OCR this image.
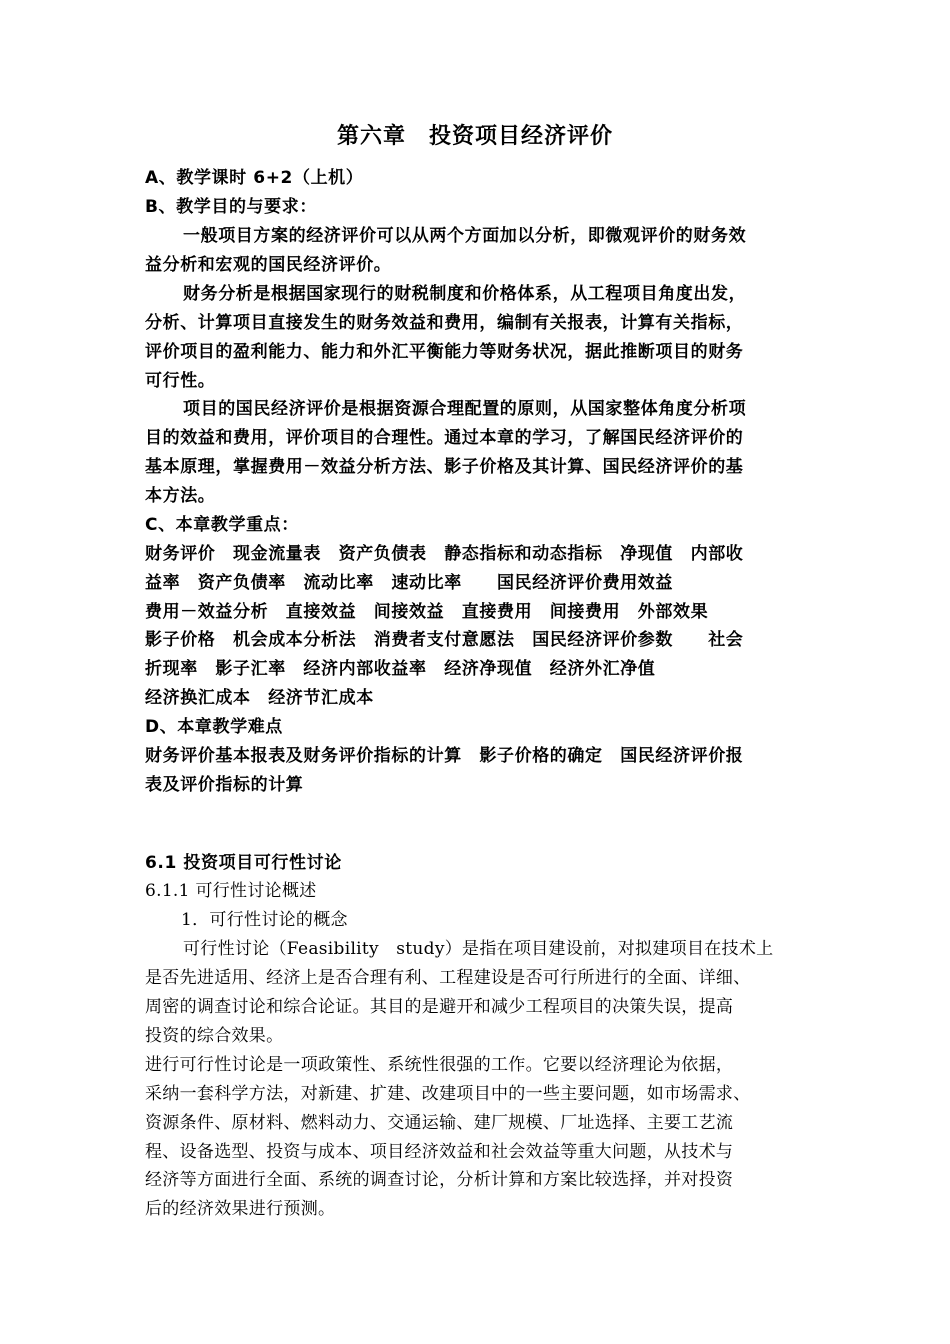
第六章　投资项目经济评价
A、教学课时 6+2（上机）
B、教学目的与要求：
一般项目方案的经济评价可以从两个方面加以分析，即微观评价的财务效
益分析和宏观的国民经济评价。
财务分析是根据国家现行的财税制度和价格体系，从工程项目角度出发，
分析、计算项目直接发生的财务效益和费用，编制有关报表，计算有关指标，
评价项目的盈利能力、能力和外汇平衡能力等财务状况，据此推断项目的财务
可行性。
项目的国民经济评价是根据资源合理配置的原则，从国家整体角度分析项
目的效益和费用，评价项目的合理性。通过本章的学习，了解国民经济评价的
基本原理，掌握费用－效益分析方法、影子价格及其计算、国民经济评价的基
本方法。
C、本章教学重点：
财务评价　现金流量表　资产负债表　静态指标和动态指标　净现值　内部收
益率　资产负债率　流动比率　速动比率　　国民经济评价费用效益
费用－效益分析　直接效益　间接效益　直接费用　间接费用　外部效果
影子价格　机会成本分析法　消费者支付意愿法　国民经济评价参数　　社会
折现率　影子汇率　经济内部收益率　经济净现值　经济外汇净值
经济换汇成本　经济节汇成本
D、本章教学难点
财务评价基本报表及财务评价指标的计算　影子价格的确定　国民经济评价报
表及评价指标的计算
6.1 投资项目可行性讨论
6.1.1 可行性讨论概述
1．可行性讨论的概念
可行性讨论（Feasibility　study）是指在项目建设前，对拟建项目在技术上
是否先进适用、经济上是否合理有利、工程建设是否可行所进行的全面、详细、
周密的调查讨论和综合论证。其目的是避开和减少工程项目的决策失误，提高
投资的综合效果。
进行可行性讨论是一项政策性、系统性很强的工作。它要以经济理论为依据，
采纳一套科学方法，对新建、扩建、改建项目中的一些主要问题，如市场需求、
资源条件、原材料、燃料动力、交通运输、建厂规模、厂址选择、主要工艺流
程、设备选型、投资与成本、项目经济效益和社会效益等重大问题，从技术与
经济等方面进行全面、系统的调查讨论，分析计算和方案比较选择，并对投资
后的经济效果进行预测。
